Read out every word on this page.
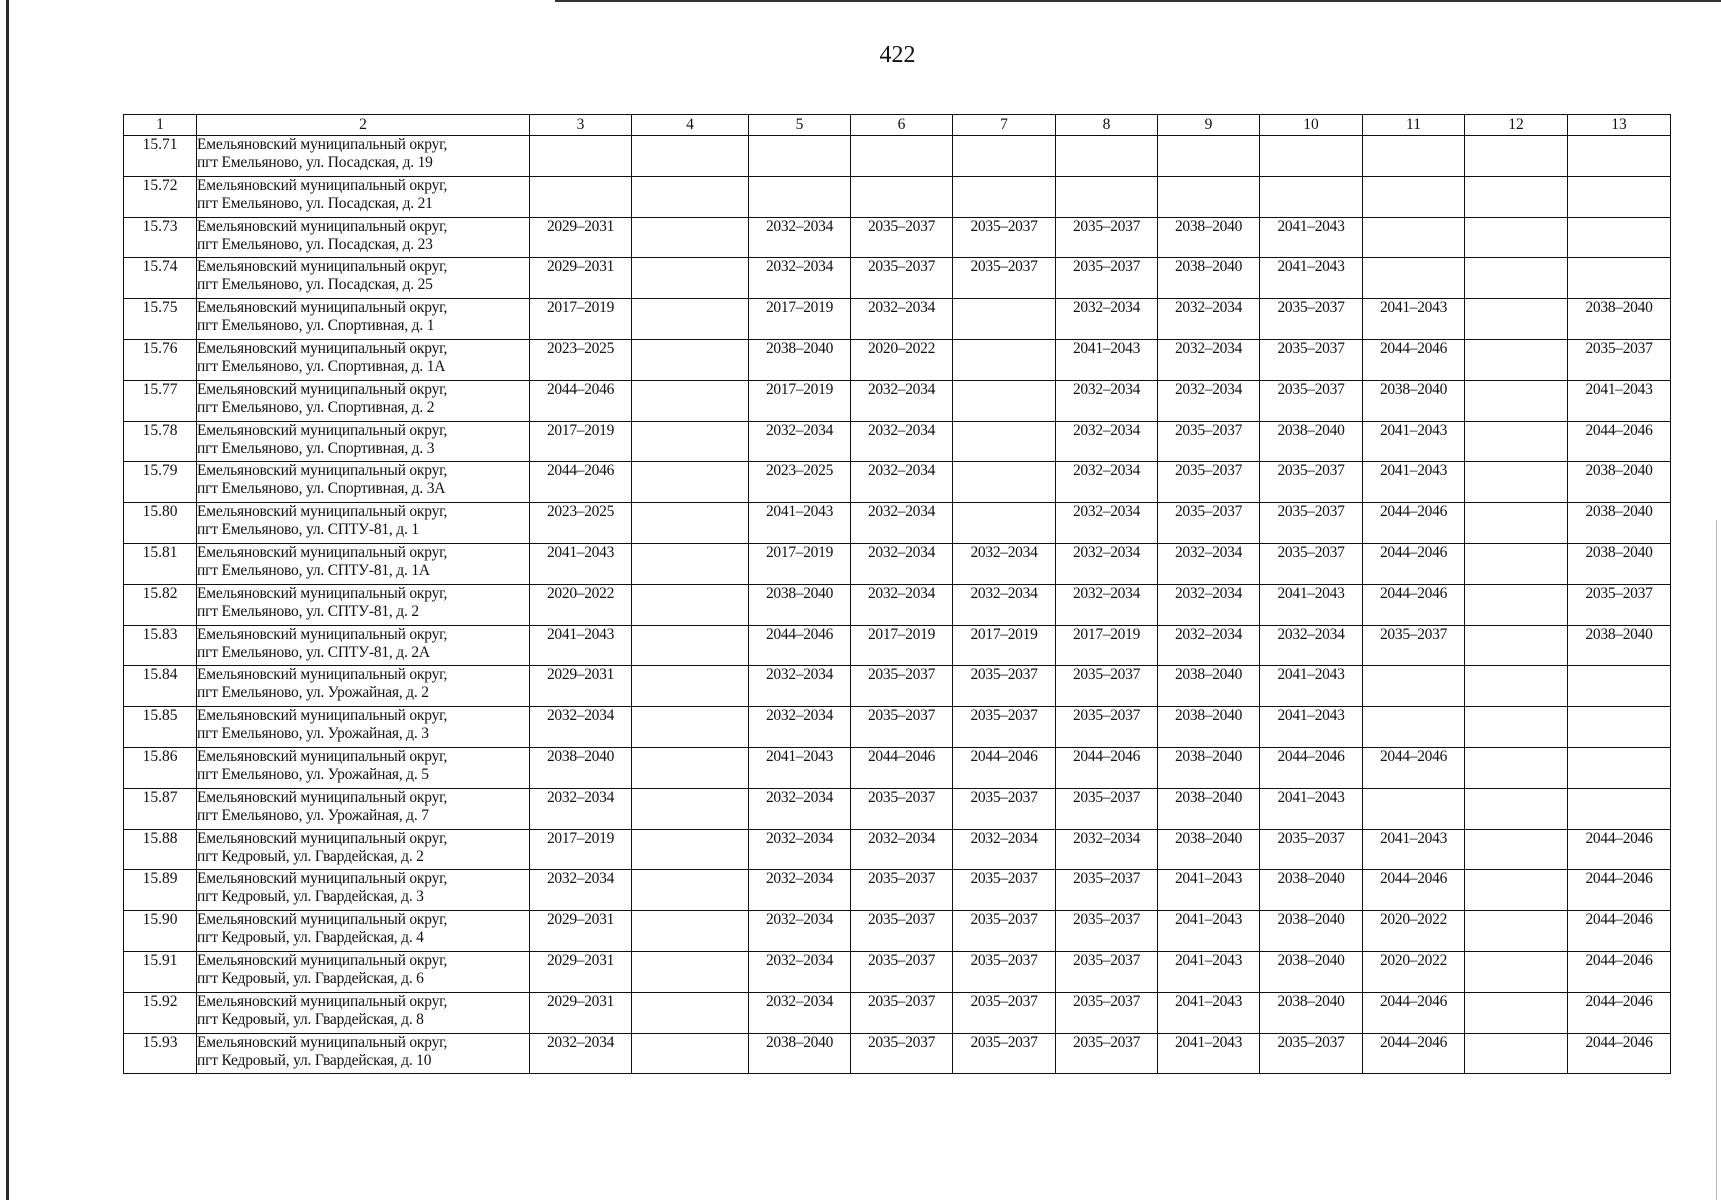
422
1	2	3	4	5	6	7	8	9	10	11	12	13
15.71	Емельяновский муниципальный округ,
пгт Емельяново, ул. Посадская, д. 19											

15.72	Емельяновский муниципальный округ,
пгт Емельяново, ул. Посадская, д. 21											

15.73	Емельяновский муниципальный округ,
пгт Емельяново, ул. Посадская, д. 23	2029–2031		2032–2034	2035–2037	2035–2037	2035–2037	2038–2040	2041–2043			
15.74	Емельяновский муниципальный округ,
пгт Емельяново, ул. Посадская, д. 25	2029–2031		2032–2034	2035–2037	2035–2037	2035–2037	2038–2040	2041–2043			
15.75	Емельяновский муниципальный округ,
пгт Емельяново, ул. Спортивная, д. 1	2017–2019		2017–2019	2032–2034		2032–2034	2032–2034	2035–2037	2041–2043		2038–2040
15.76	Емельяновский муниципальный округ,
пгт Емельяново, ул. Спортивная, д. 1А	2023–2025		2038–2040	2020–2022		2041–2043	2032–2034	2035–2037	2044–2046		2035–2037
15.77	Емельяновский муниципальный округ,
пгт Емельяново, ул. Спортивная, д. 2	2044–2046		2017–2019	2032–2034		2032–2034	2032–2034	2035–2037	2038–2040		2041–2043
15.78	Емельяновский муниципальный округ,
пгт Емельяново, ул. Спортивная, д. 3	2017–2019		2032–2034	2032–2034		2032–2034	2035–2037	2038–2040	2041–2043		2044–2046
15.79	Емельяновский муниципальный округ,
пгт Емельяново, ул. Спортивная, д. 3А	2044–2046		2023–2025	2032–2034		2032–2034	2035–2037	2035–2037	2041–2043		2038–2040
15.80	Емельяновский муниципальный округ,
пгт Емельяново, ул. СПТУ-81, д. 1	2023–2025		2041–2043	2032–2034		2032–2034	2035–2037	2035–2037	2044–2046		2038–2040
15.81	Емельяновский муниципальный округ,
пгт Емельяново, ул. СПТУ-81, д. 1А	2041–2043		2017–2019	2032–2034	2032–2034	2032–2034	2032–2034	2035–2037	2044–2046		2038–2040
15.82	Емельяновский муниципальный округ,
пгт Емельяново, ул. СПТУ-81, д. 2	2020–2022		2038–2040	2032–2034	2032–2034	2032–2034	2032–2034	2041–2043	2044–2046		2035–2037
15.83	Емельяновский муниципальный округ,
пгт Емельяново, ул. СПТУ-81, д. 2А	2041–2043		2044–2046	2017–2019	2017–2019	2017–2019	2032–2034	2032–2034	2035–2037		2038–2040
15.84	Емельяновский муниципальный округ,
пгт Емельяново, ул. Урожайная, д. 2	2029–2031		2032–2034	2035–2037	2035–2037	2035–2037	2038–2040	2041–2043			
15.85	Емельяновский муниципальный округ,
пгт Емельяново, ул. Урожайная, д. 3	2032–2034		2032–2034	2035–2037	2035–2037	2035–2037	2038–2040	2041–2043			
15.86	Емельяновский муниципальный округ,
пгт Емельяново, ул. Урожайная, д. 5	2038–2040		2041–2043	2044–2046	2044–2046	2044–2046	2038–2040	2044–2046	2044–2046		
15.87	Емельяновский муниципальный округ,
пгт Емельяново, ул. Урожайная, д. 7	2032–2034		2032–2034	2035–2037	2035–2037	2035–2037	2038–2040	2041–2043			
15.88	Емельяновский муниципальный округ,
пгт Кедровый, ул. Гвардейская, д. 2	2017–2019		2032–2034	2032–2034	2032–2034	2032–2034	2038–2040	2035–2037	2041–2043		2044–2046
15.89	Емельяновский муниципальный округ,
пгт Кедровый, ул. Гвардейская, д. 3	2032–2034		2032–2034	2035–2037	2035–2037	2035–2037	2041–2043	2038–2040	2044–2046		2044–2046
15.90	Емельяновский муниципальный округ,
пгт Кедровый, ул. Гвардейская, д. 4	2029–2031		2032–2034	2035–2037	2035–2037	2035–2037	2041–2043	2038–2040	2020–2022		2044–2046
15.91	Емельяновский муниципальный округ,
пгт Кедровый, ул. Гвардейская, д. 6	2029–2031		2032–2034	2035–2037	2035–2037	2035–2037	2041–2043	2038–2040	2020–2022		2044–2046
15.92	Емельяновский муниципальный округ,
пгт Кедровый, ул. Гвардейская, д. 8	2029–2031		2032–2034	2035–2037	2035–2037	2035–2037	2041–2043	2038–2040	2044–2046		2044–2046
15.93	Емельяновский муниципальный округ,
пгт Кедровый, ул. Гвардейская, д. 10	2032–2034		2038–2040	2035–2037	2035–2037	2035–2037	2041–2043	2035–2037	2044–2046		2044–2046
